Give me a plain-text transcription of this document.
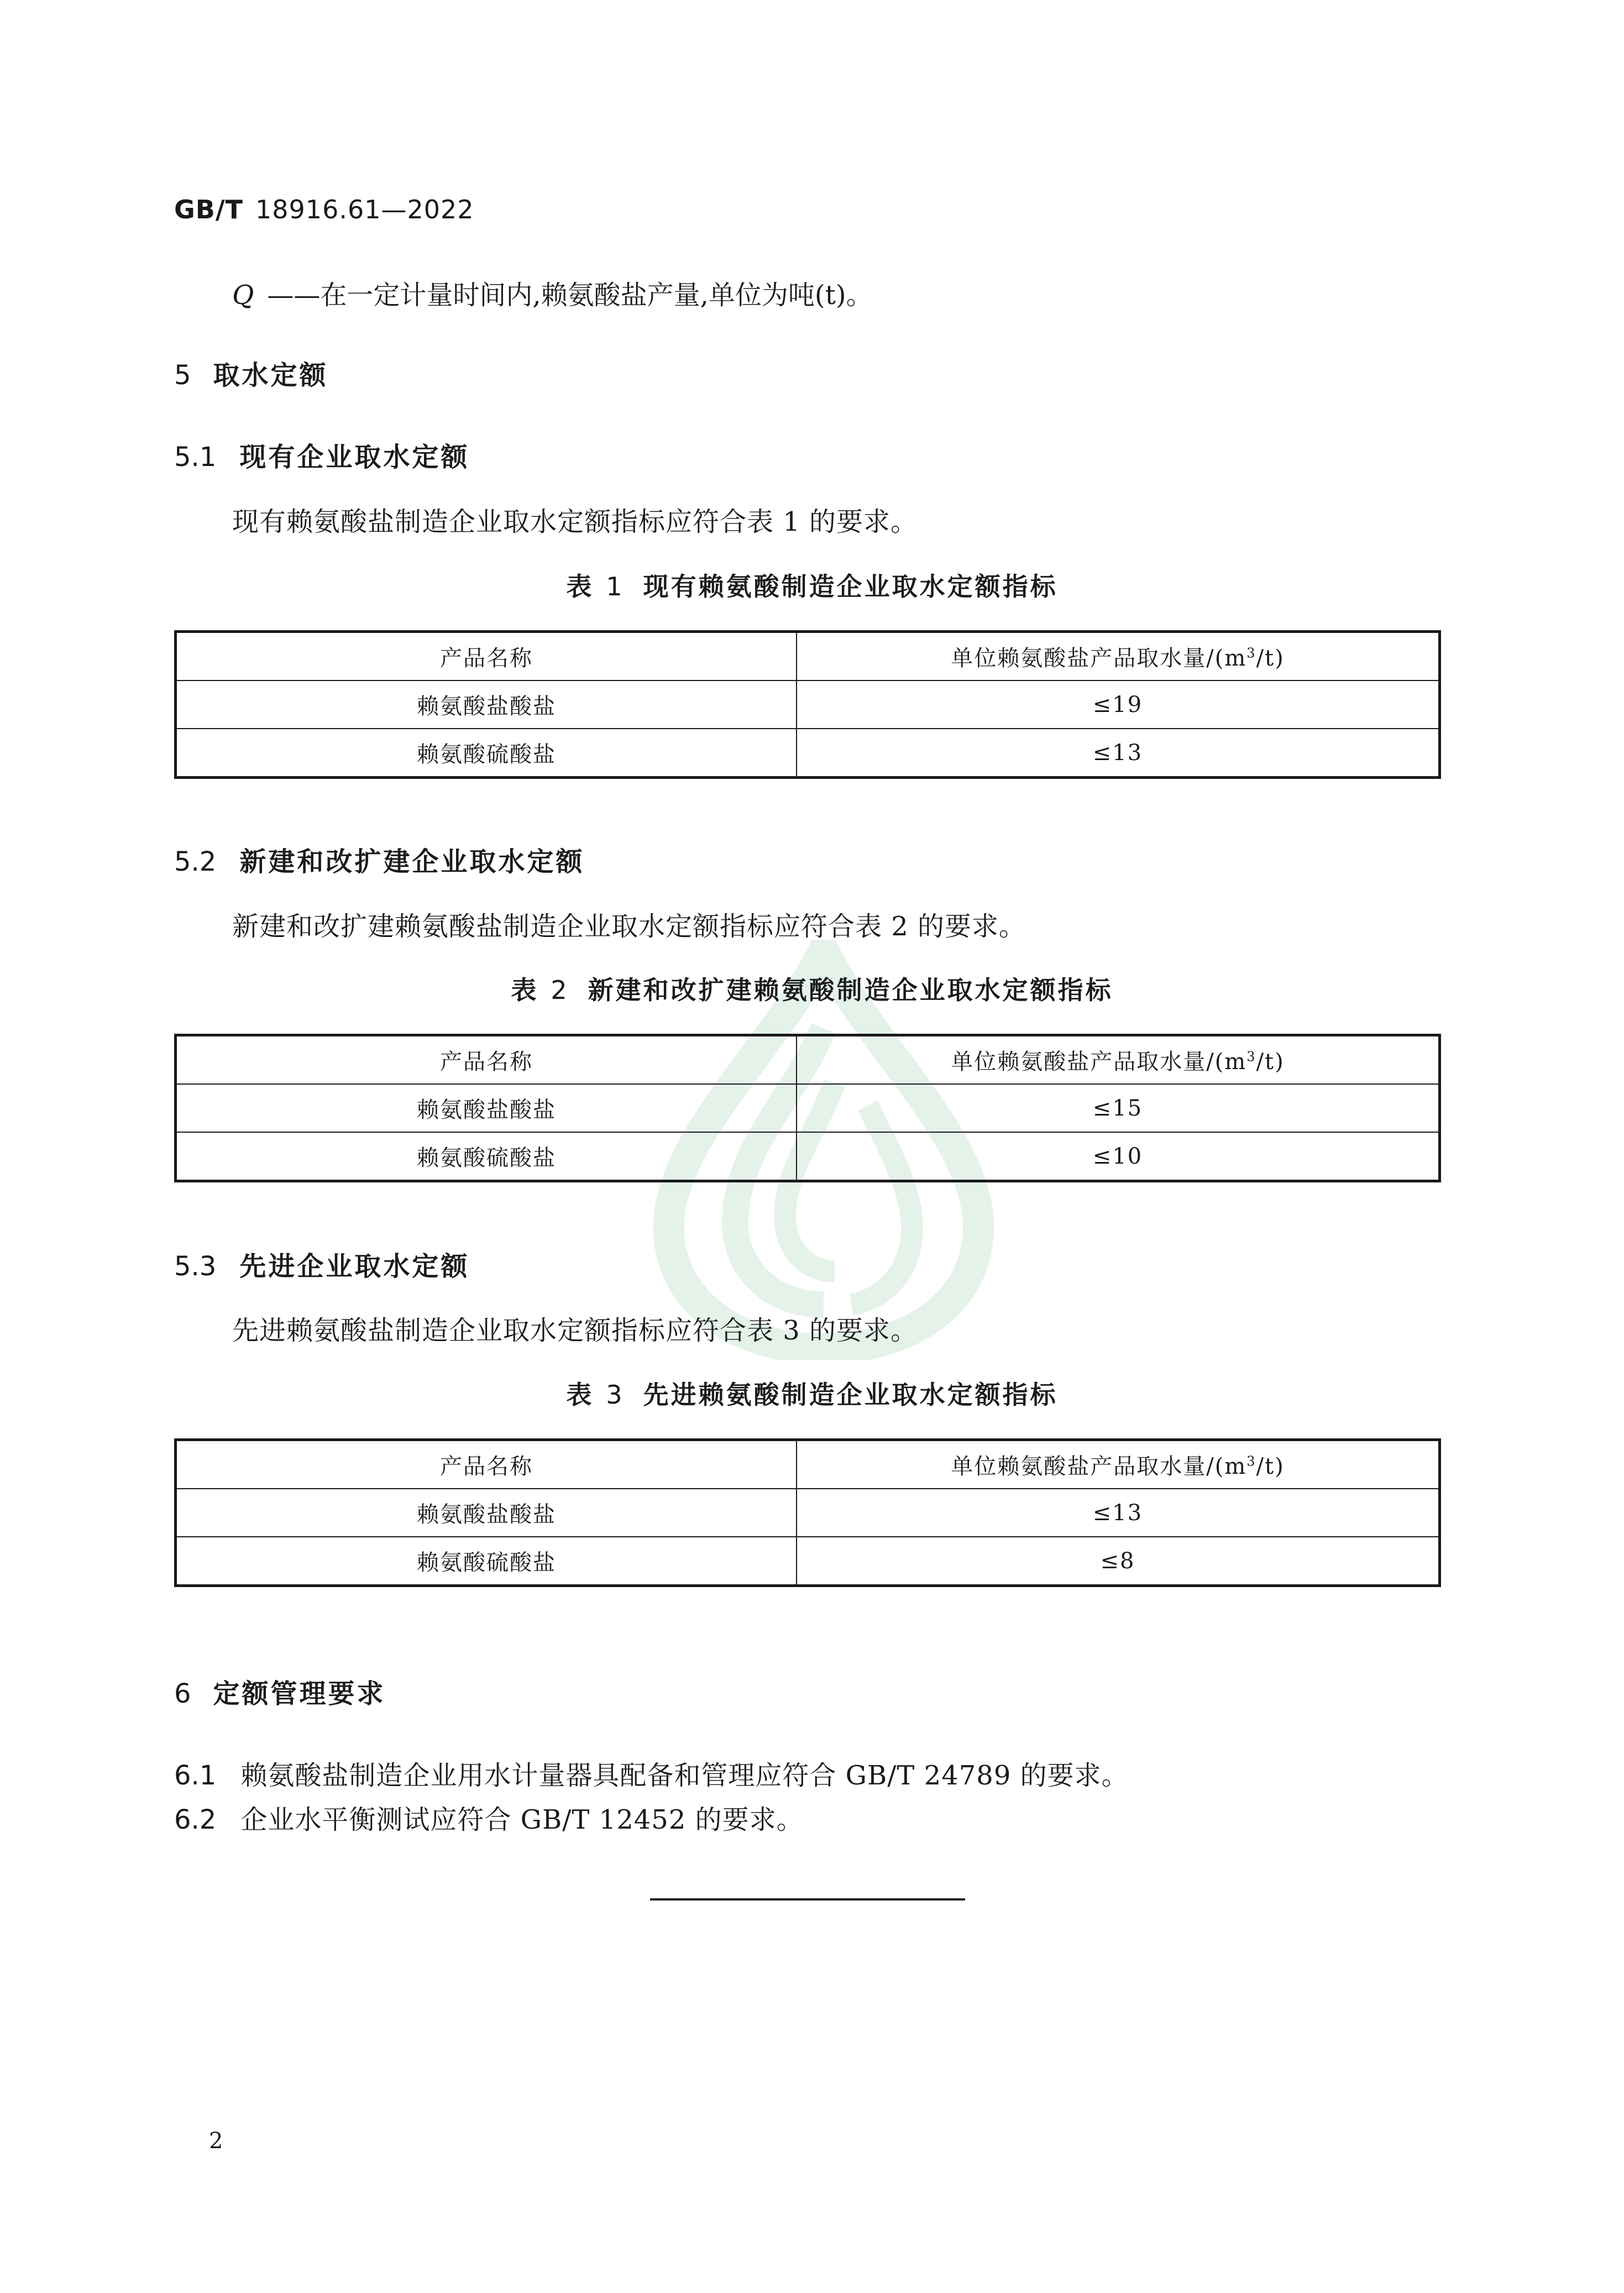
GB/T 18916.61—2022
Q ——在一定计量时间内,赖氨酸盐产量,单位为吨(t)。
5 取水定额
5.1 现有企业取水定额
现有赖氨酸盐制造企业取水定额指标应符合表 1 的要求。
表 1 现有赖氨酸制造企业取水定额指标
产品名称	单位赖氨酸盐产品取水量$/(m^3/t)$
赖氨酸盐酸盐	≤19
赖氨酸硫酸盐	≤13
5.2 新建和改扩建企业取水定额
新建和改扩建赖氨酸盐制造企业取水定额指标应符合表 2 的要求。
表 2 新建和改扩建赖氨酸制造企业取水定额指标
产品名称	单位赖氨酸盐产品取水量$/(m^3/t)$
赖氨酸盐酸盐	≤15
赖氨酸硫酸盐	≤10
5.3 先进企业取水定额
先进赖氨酸盐制造企业取水定额指标应符合表 3 的要求。
表 3 先进赖氨酸制造企业取水定额指标
产品名称	单位赖氨酸盐产品取水量$/(m^3/t)$
赖氨酸盐酸盐	≤13
赖氨酸硫酸盐	≤8
6 定额管理要求
6.1 赖氨酸盐制造企业用水计量器具配备和管理应符合 GB/T 24789 的要求。
6.2 企业水平衡测试应符合 GB/T 12452 的要求。
2
